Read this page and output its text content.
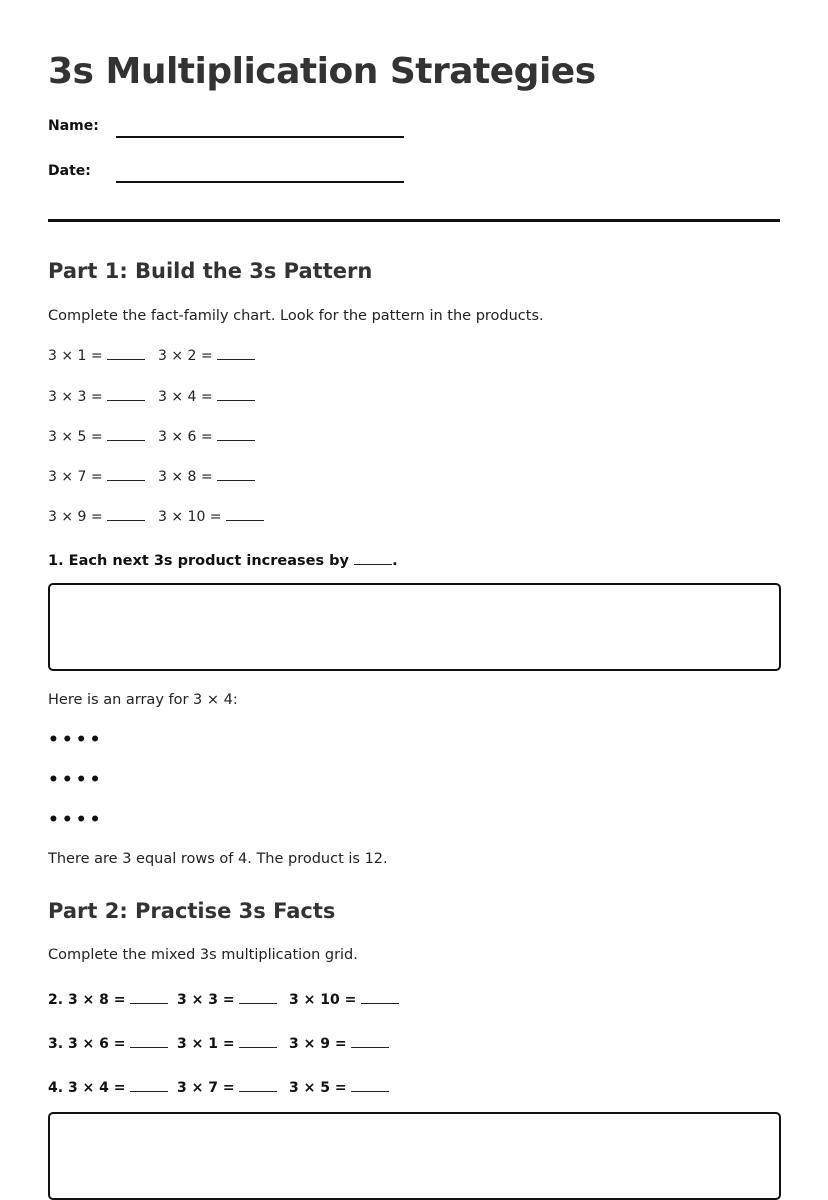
3s Multiplication Strategies
Name:
Date:
Part 1: Build the 3s Pattern

Complete the fact-family chart. Look for the pattern in the products.

3 × 1 =	3 × 2 =
3 × 3 =	3 × 4 =
3 × 5 =	3 × 6 =
3 × 7 =	3 × 8 =
3 × 9 =	3 × 10 =

1. Each next 3s product increases by	.

Here is an array for 3 × 4:

••••

••••

••••

There are 3 equal rows of 4. The product is 12.

Part 2: Practise 3s Facts

Complete the mixed 3s multiplication grid.

2. 3 × 8 =	3 × 3 =	3 × 10 =
3. 3 × 6 =	3 × 1 =	3 × 9 =
4. 3 × 4 =	3 × 7 =	3 × 5 =
